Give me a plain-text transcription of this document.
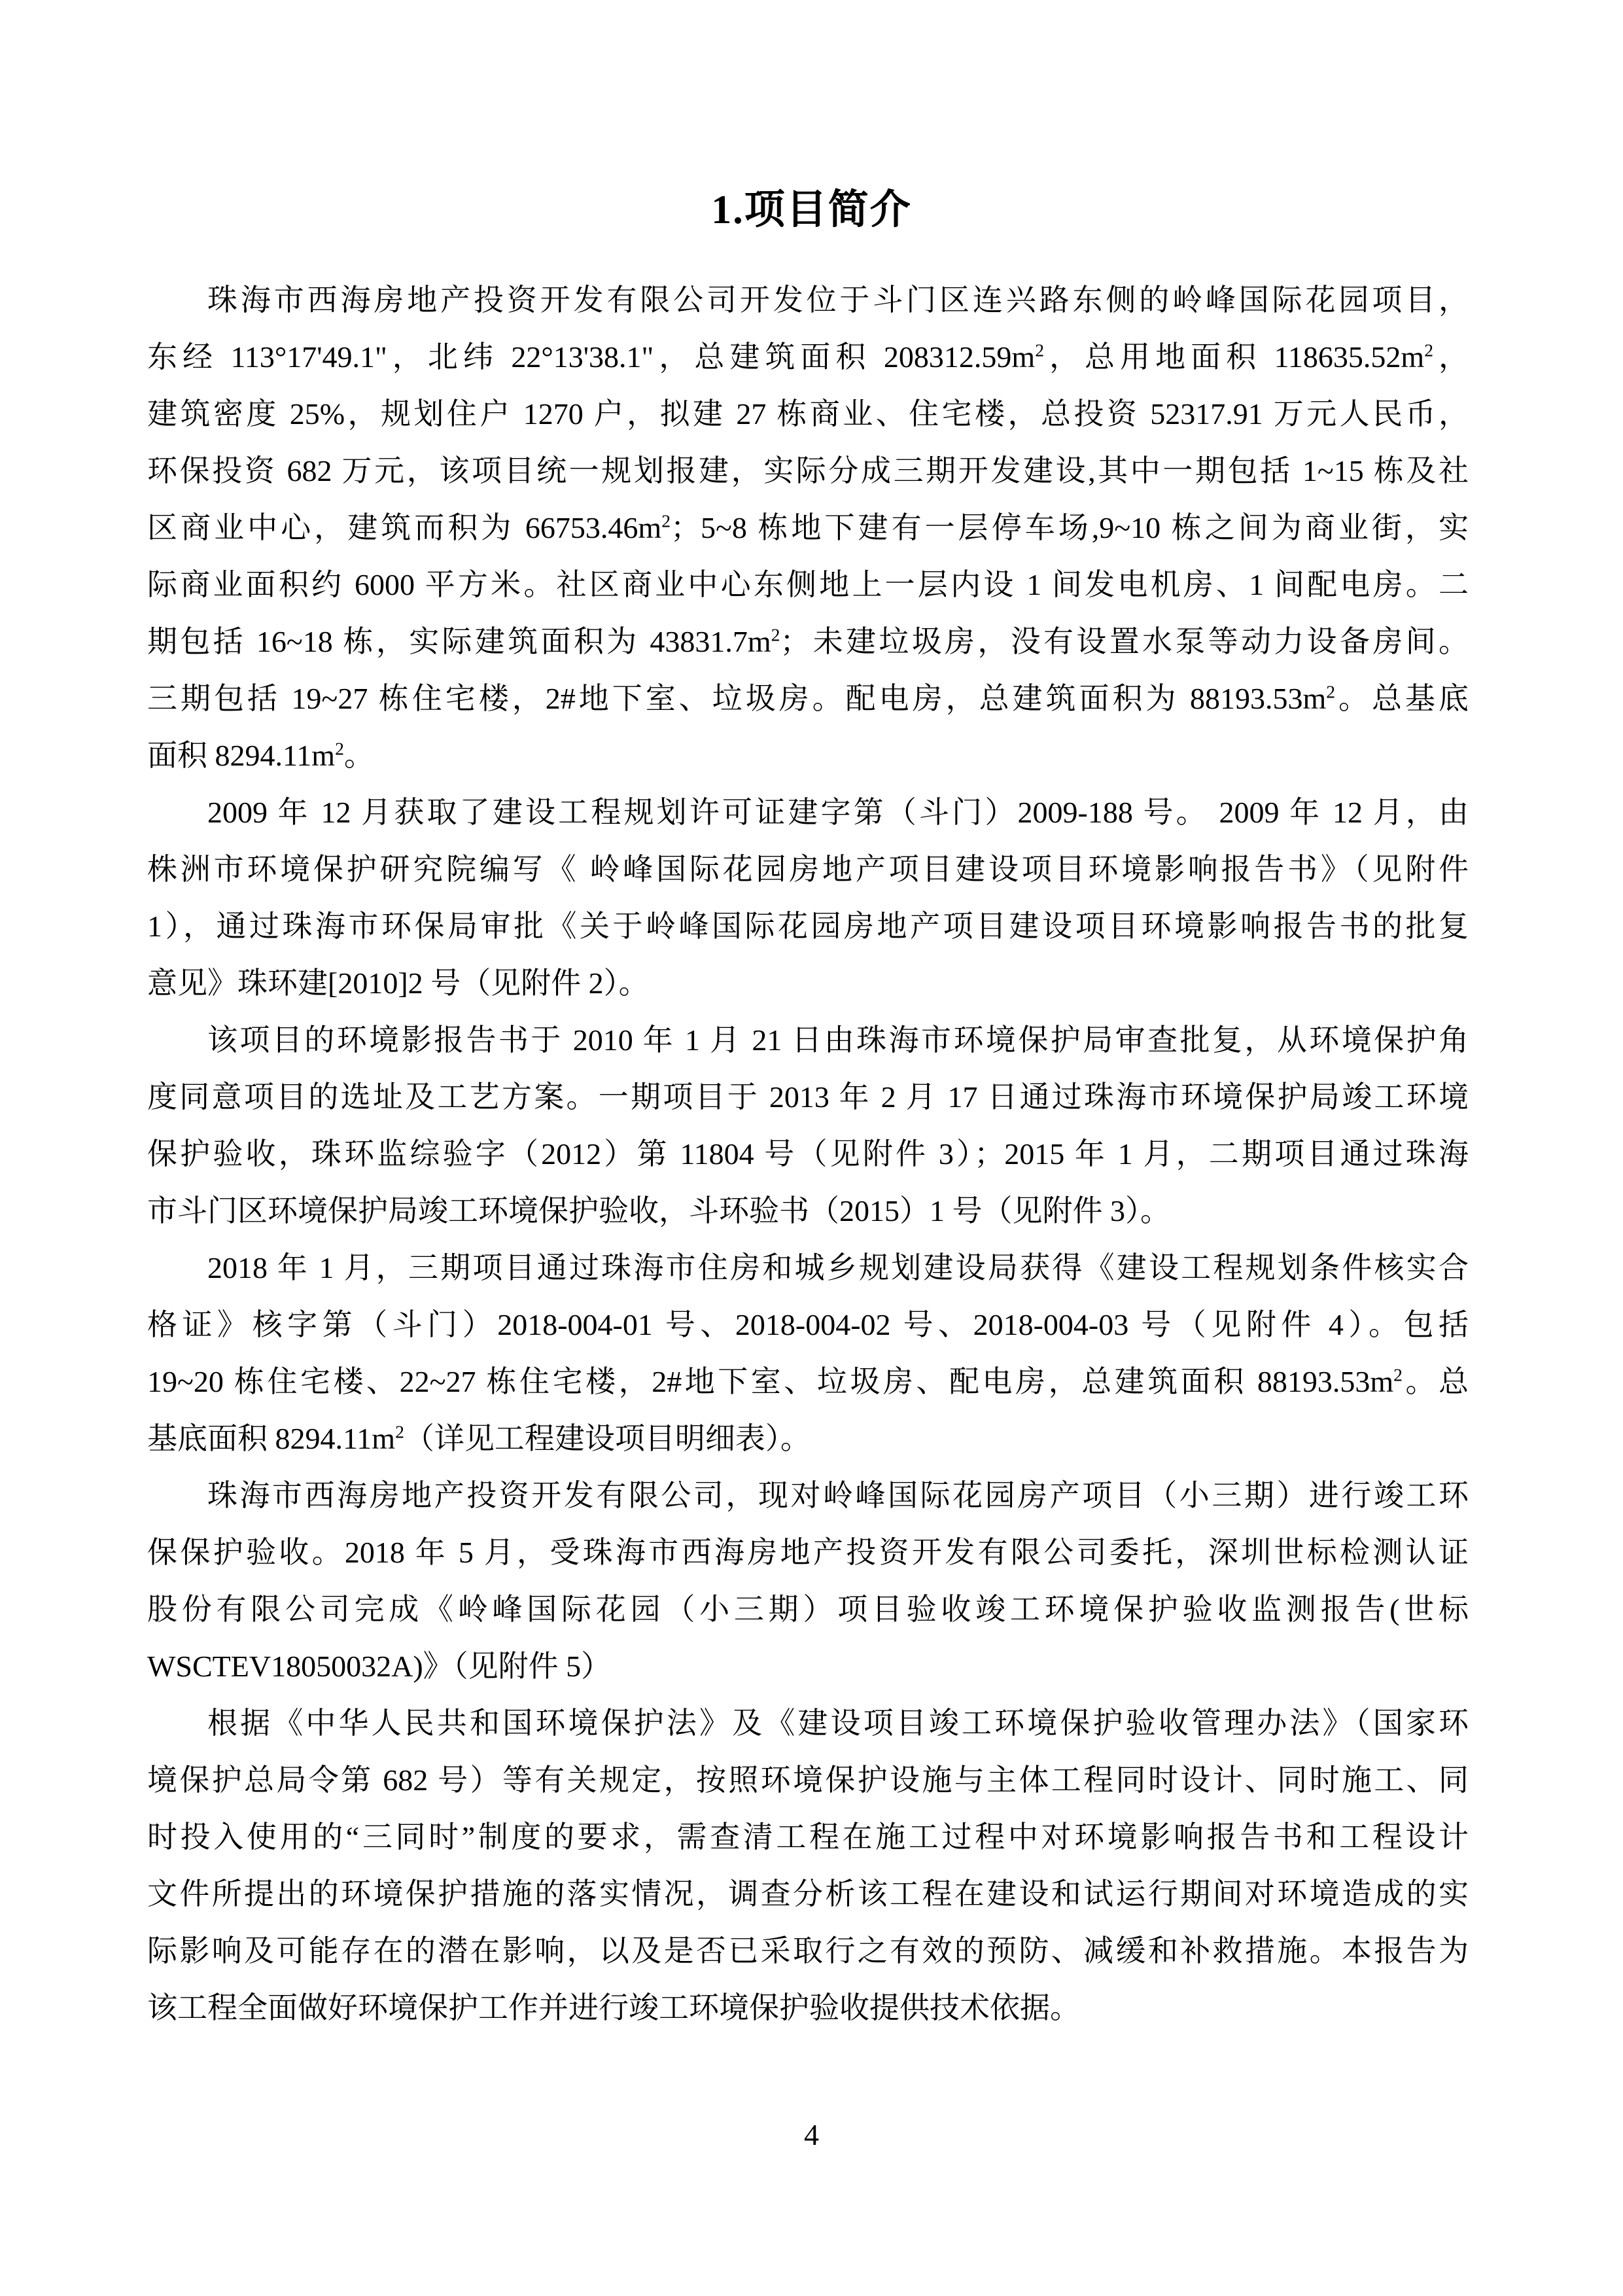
1.项目简介
珠海市西海房地产投资开发有限公司开发位于斗门区连兴路东侧的岭峰国际花园项目，
东经 113°17'49.1"，北纬 22°13'38.1"，总建筑面积 $208312.59m^2$，总用地面积 $118635.52m^2$，
建筑密度 25%，规划住户 1270 户，拟建 27 栋商业、住宅楼，总投资 52317.91 万元人民币，
环保投资 682 万元，该项目统一规划报建，实际分成三期开发建设,其中一期包括 1~15 栋及社
区商业中心，建筑而积为 $66753.46m^2$；5~8 栋地下建有一层停车场,9~10 栋之间为商业街，实
际商业面积约 6000 平方米。社区商业中心东侧地上一层内设 1 间发电机房、1 间配电房。二
期包括 16~18 栋，实际建筑面积为 $43831.7m^2$；未建垃圾房，没有设置水泵等动力设备房间。
三期包括 19~27 栋住宅楼，2#地下室、垃圾房。配电房，总建筑面积为 $88193.53m^2$。总基底
面积 $8294.11m^2$。
2009 年 12 月获取了建设工程规划许可证建字第（斗门）2009-188 号。 2009 年 12 月，由
株洲市环境保护研究院编写《 岭峰国际花园房地产项目建设项目环境影响报告书》（见附件
1），通过珠海市环保局审批《关于岭峰国际花园房地产项目建设项目环境影响报告书的批复
意见》珠环建[2010]2 号（见附件 2）。
该项目的环境影报告书于 2010 年 1 月 21 日由珠海市环境保护局审查批复，从环境保护角
度同意项目的选址及工艺方案。一期项目于 2013 年 2 月 17 日通过珠海市环境保护局竣工环境
保护验收，珠环监综验字（2012）第 11804 号（见附件 3）；2015 年 1 月，二期项目通过珠海
市斗门区环境保护局竣工环境保护验收，斗环验书（2015）1 号（见附件 3）。
2018 年 1 月，三期项目通过珠海市住房和城乡规划建设局获得《建设工程规划条件核实合
格证》核字第（斗门）2018-004-01 号、2018-004-02 号、2018-004-03 号（见附件 4）。包括
19~20 栋住宅楼、22~27 栋住宅楼，2#地下室、垃圾房、配电房，总建筑面积 $88193.53m^2$。总
基底面积 $8294.11m^2$（详见工程建设项目明细表）。
珠海市西海房地产投资开发有限公司，现对岭峰国际花园房产项目（小三期）进行竣工环
保保护验收。2018 年 5 月，受珠海市西海房地产投资开发有限公司委托，深圳世标检测认证
股份有限公司完成《岭峰国际花园（小三期）项目验收竣工环境保护验收监测报告(世标
WSCTEV18050032A)》（见附件 5）
根据《中华人民共和国环境保护法》及《建设项目竣工环境保护验收管理办法》（国家环
境保护总局令第 682 号）等有关规定，按照环境保护设施与主体工程同时设计、同时施工、同
时投入使用的“三同时”制度的要求，需查清工程在施工过程中对环境影响报告书和工程设计
文件所提出的环境保护措施的落实情况，调查分析该工程在建设和试运行期间对环境造成的实
际影响及可能存在的潜在影响，以及是否已采取行之有效的预防、减缓和补救措施。本报告为
该工程全面做好环境保护工作并进行竣工环境保护验收提供技术依据。
4
